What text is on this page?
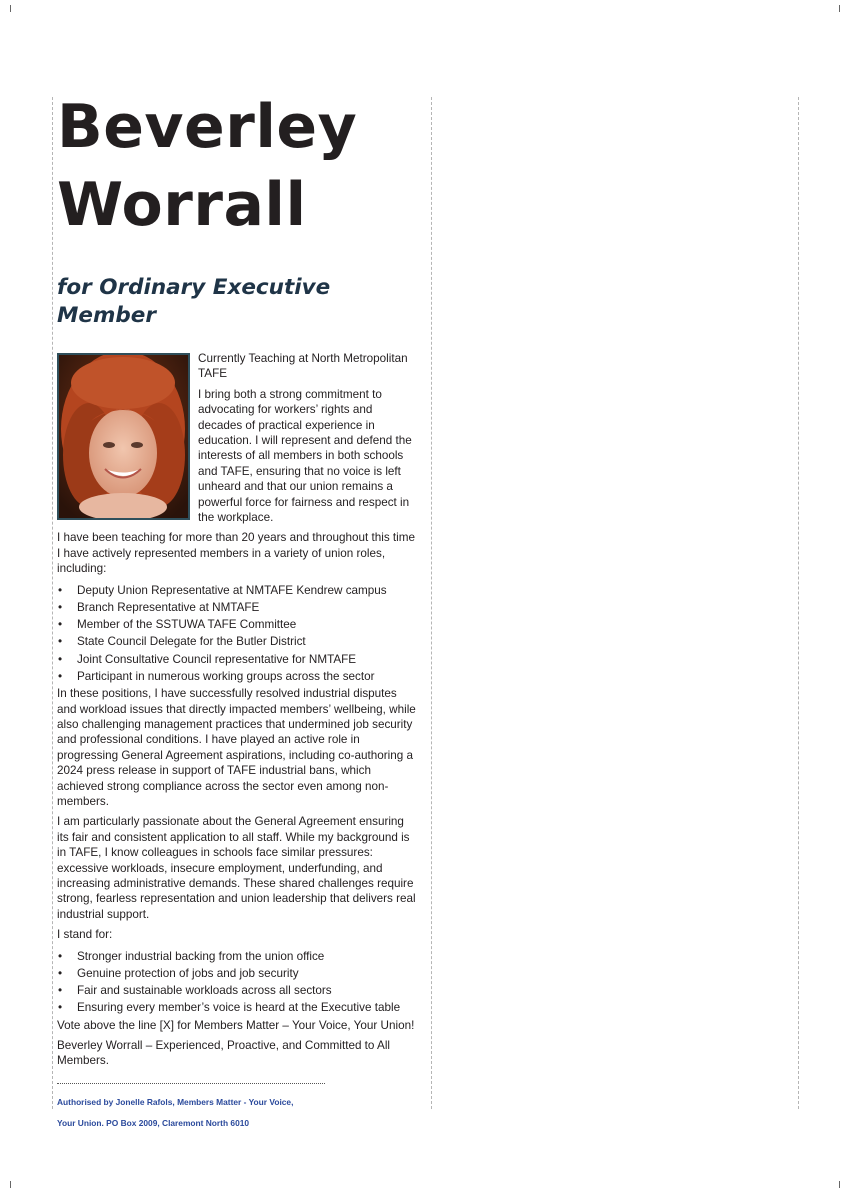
Beverley
Worrall
for Ordinary Executive Member

Currently Teaching at North Metropolitan TAFE

I bring both a strong commitment to advocating for workers’ rights and decades of practical experience in education. I will represent and defend the interests of all members in both schools and TAFE, ensuring that no voice is left unheard and that our union remains a powerful force for fairness and respect in the workplace.

I have been teaching for more than 20 years and throughout this time I have actively represented members in a variety of union roles, including:

• Deputy Union Representative at NMTAFE Kendrew campus
• Branch Representative at NMTAFE
• Member of the SSTUWA TAFE Committee
• State Council Delegate for the Butler District
• Joint Consultative Council representative for NMTAFE
• Participant in numerous working groups across the sector

In these positions, I have successfully resolved industrial disputes and workload issues that directly impacted members’ wellbeing, while also challenging management practices that undermined job security and professional conditions. I have played an active role in progressing General Agreement aspirations, including co-authoring a 2024 press release in support of TAFE industrial bans, which achieved strong compliance across the sector even among non-members.

I am particularly passionate about the General Agreement ensuring its fair and consistent application to all staff. While my background is in TAFE, I know colleagues in schools face similar pressures: excessive workloads, insecure employment, underfunding, and increasing administrative demands. These shared challenges require strong, fearless representation and union leadership that delivers real industrial support.

I stand for:

• Stronger industrial backing from the union office
• Genuine protection of jobs and job security
• Fair and sustainable workloads across all sectors
• Ensuring every member’s voice is heard at the Executive table

Vote above the line [X] for Members Matter – Your Voice, Your Union!

Beverley Worrall – Experienced, Proactive, and Committed to All Members.

Authorised by Jonelle Rafols, Members Matter - Your Voice,

Your Union. PO Box 2009, Claremont North 6010
